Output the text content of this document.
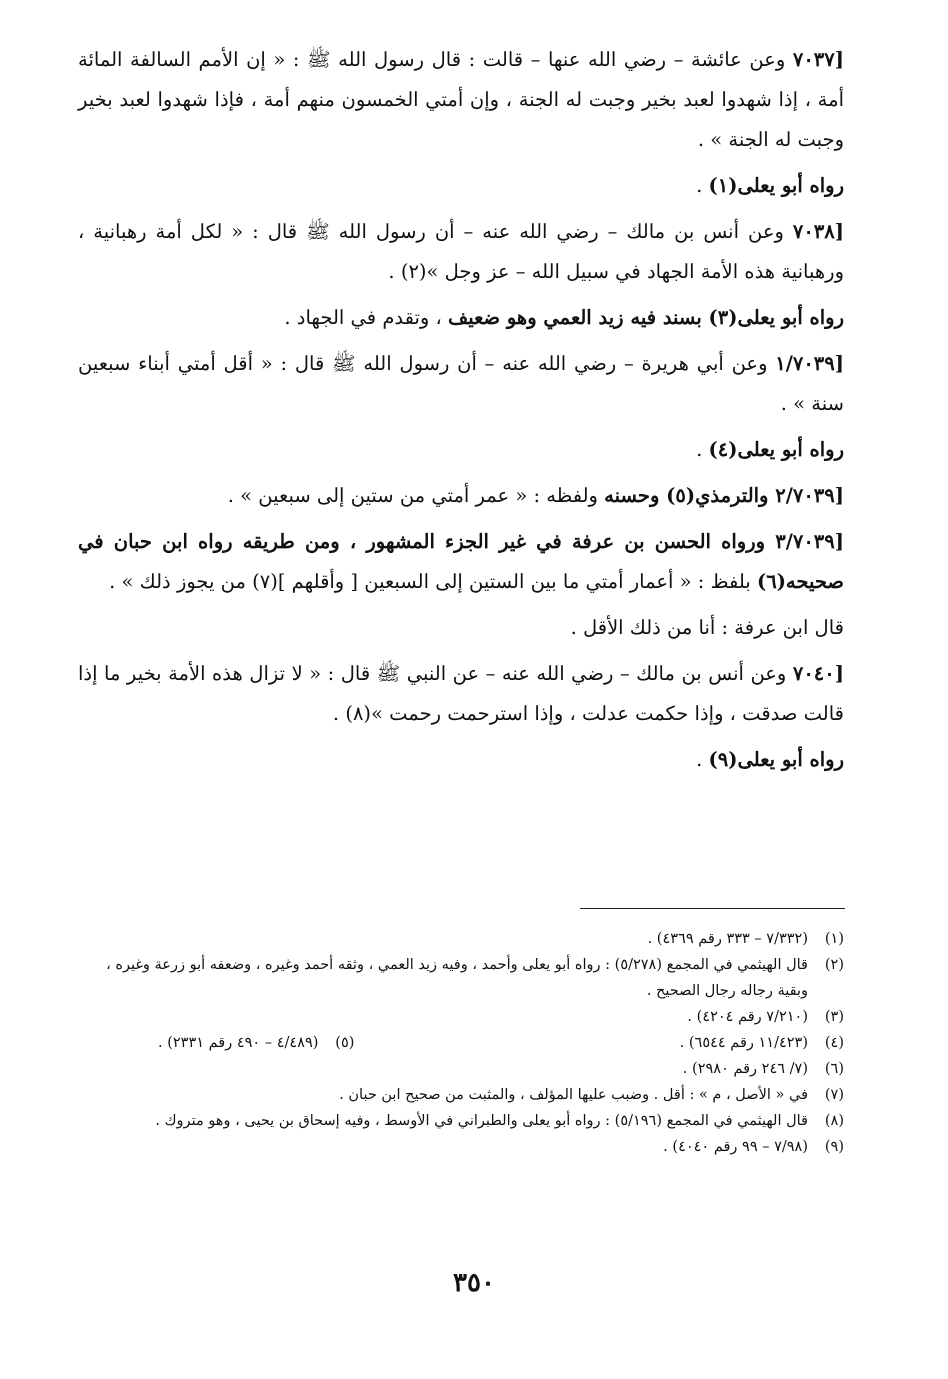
[٧٠٣٧ وعن عائشة – رضي الله عنها – قالت : قال رسول الله ﷺ : « إن الأمم السالفة المائة أمة ، إذا شهدوا لعبد بخير وجبت له الجنة ، وإن أمتي الخمسون منهم أمة ، فإذا شهدوا لعبد بخير وجبت له الجنة » .

رواه أبو يعلى(١) .

[٧٠٣٨ وعن أنس بن مالك – رضي الله عنه – أن رسول الله ﷺ قال : « لكل أمة رهبانية ، ورهبانية هذه الأمة الجهاد في سبيل الله – عز وجل »(٢) .

رواه أبو يعلى(٣) بسند فيه زيد العمي وهو ضعيف ، وتقدم في الجهاد .

[١/٧٠٣٩ وعن أبي هريرة – رضي الله عنه – أن رسول الله ﷺ قال : « أقل أمتي أبناء سبعين سنة » .

رواه أبو يعلى(٤) .

[٢/٧٠٣٩ والترمذي(٥) وحسنه ولفظه : « عمر أمتي من ستين إلى سبعين » .

[٣/٧٠٣٩ ورواه الحسن بن عرفة في غير الجزء المشهور ، ومن طريقه رواه ابن حبان في صحيحه(٦) بلفظ : « أعمار أمتي ما بين الستين إلى السبعين [ وأقلهم ](٧) من يجوز ذلك » .

قال ابن عرفة : أنا من ذلك الأقل .

[٧٠٤٠ وعن أنس بن مالك – رضي الله عنه – عن النبي ﷺ قال : « لا تزال هذه الأمة بخير ما إذا قالت صدقت ، وإذا حكمت عدلت ، وإذا استرحمت رحمت »(٨) .

رواه أبو يعلى(٩) .

(١)
(٧/٣٣٢ – ٣٣٣ رقم ٤٣٦٩) .
(٢)
قال الهيثمي في المجمع (٥/٢٧٨) : رواه أبو يعلى وأحمد ، وفيه زيد العمي ، وثقه أحمد وغيره ، وضعفه أبو زرعة وغيره ، وبقية رجاله رجال الصحيح .
(٣)
(٧/٢١٠ رقم ٤٢٠٤) .
(٤)
(١١/٤٢٣ رقم ٦٥٤٤) .
(٥)
(٤/٤٨٩ – ٤٩٠ رقم ٢٣٣١) .
(٦)
(٧/ ٢٤٦ رقم ٢٩٨٠) .
(٧)
في « الأصل ، م » : أقل . وضبب عليها المؤلف ، والمثبت من صحيح ابن حبان .
(٨)
قال الهيثمي في المجمع (٥/١٩٦) : رواه أبو يعلى والطبراني في الأوسط ، وفيه إسحاق بن يحيى ، وهو متروك .
(٩)
(٧/٩٨ – ٩٩ رقم ٤٠٤٠) .
٣٥٠
